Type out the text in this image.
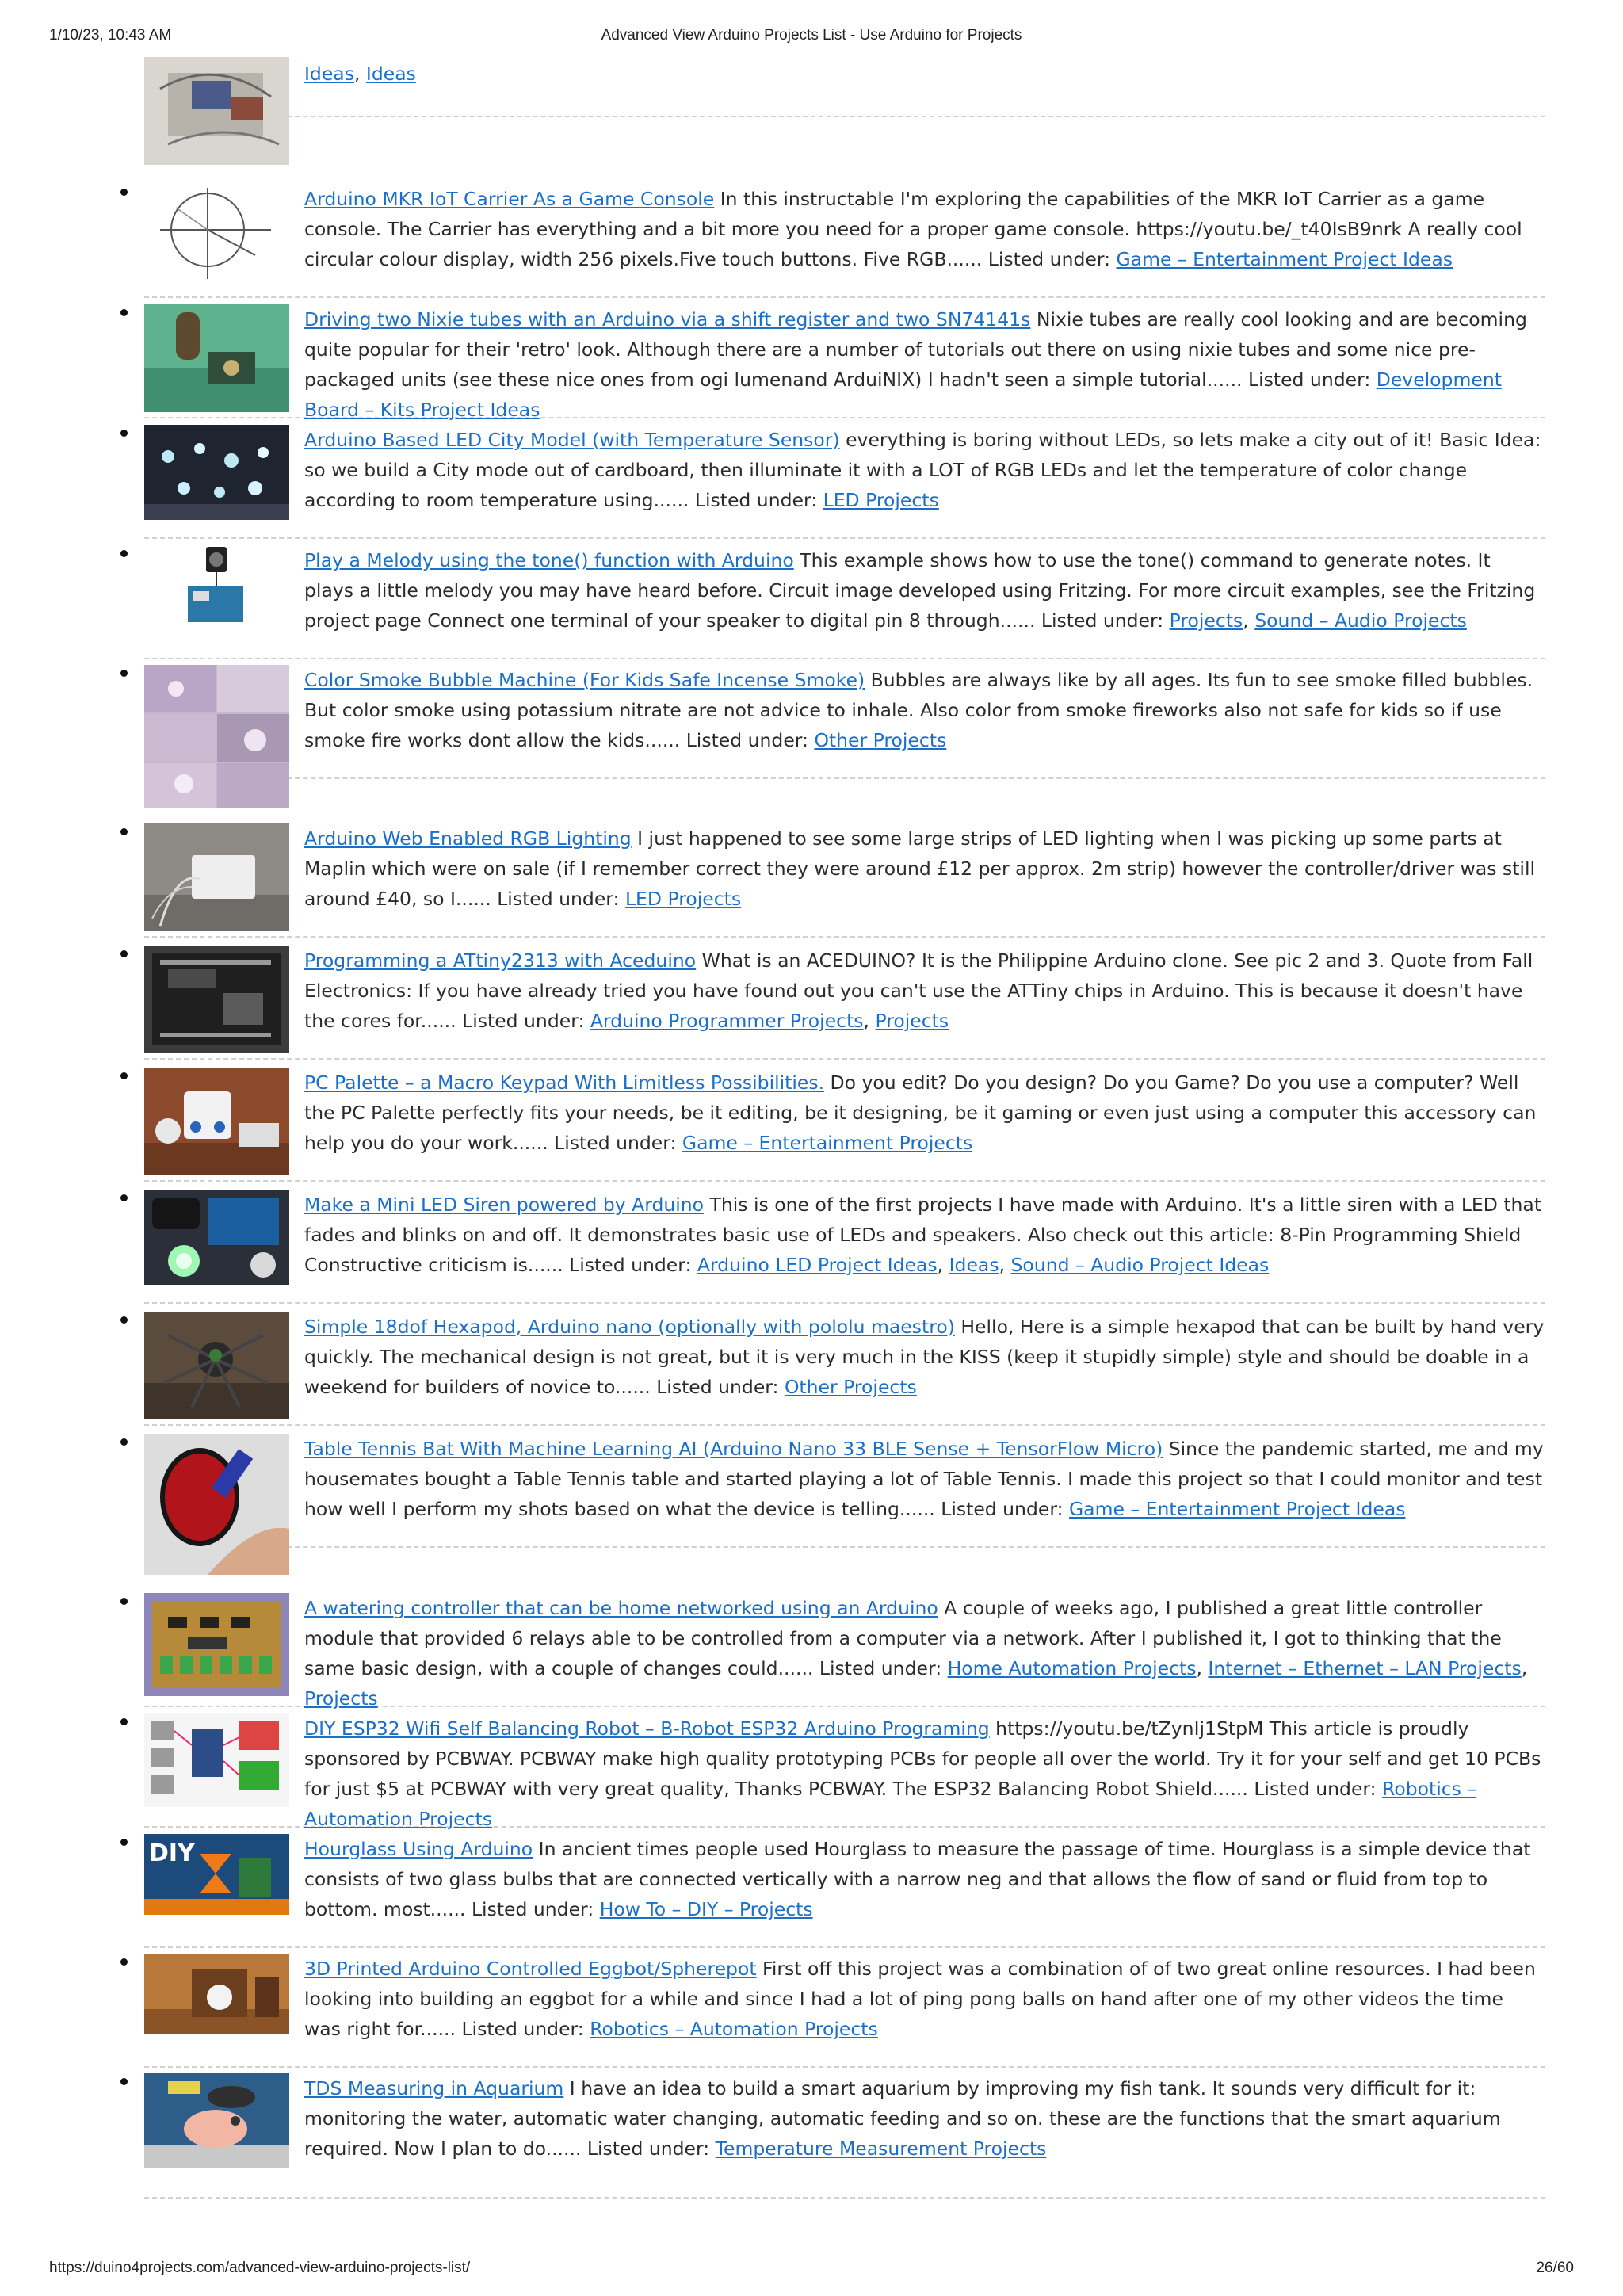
1/10/23, 10:43 AM	Advanced View Arduino Projects List - Use Arduino for Projects
Ideas, Ideas
Arduino MKR IoT Carrier As a Game Console In this instructable I'm exploring the capabilities of the MKR IoT Carrier as a game console. The Carrier has everything and a bit more you need for a proper game console. https://youtu.be/_t40IsB9nrk A really cool circular colour display, width 256 pixels.Five touch buttons. Five RGB...... Listed under: Game – Entertainment Project Ideas
Driving two Nixie tubes with an Arduino via a shift register and two SN74141s Nixie tubes are really cool looking and are becoming quite popular for their 'retro' look. Although there are a number of tutorials out there on using nixie tubes and some nice pre-packaged units (see these nice ones from ogi lumenand ArduiNIX) I hadn't seen a simple tutorial...... Listed under: Development Board – Kits Project Ideas
Arduino Based LED City Model (with Temperature Sensor) everything is boring without LEDs, so lets make a city out of it! Basic Idea: so we build a City mode out of cardboard, then illuminate it with a LOT of RGB LEDs and let the temperature of color change according to room temperature using...... Listed under: LED Projects
Play a Melody using the tone() function with Arduino This example shows how to use the tone() command to generate notes. It plays a little melody you may have heard before. Circuit image developed using Fritzing. For more circuit examples, see the Fritzing project page Connect one terminal of your speaker to digital pin 8 through...... Listed under: Projects, Sound – Audio Projects
Color Smoke Bubble Machine (For Kids Safe Incense Smoke) Bubbles are always like by all ages. Its fun to see smoke filled bubbles. But color smoke using potassium nitrate are not advice to inhale. Also color from smoke fireworks also not safe for kids so if use smoke fire works dont allow the kids...... Listed under: Other Projects
Arduino Web Enabled RGB Lighting I just happened to see some large strips of LED lighting when I was picking up some parts at Maplin which were on sale (if I remember correct they were around £12 per approx. 2m strip) however the controller/driver was still around £40, so I...... Listed under: LED Projects
Programming a ATtiny2313 with Aceduino What is an ACEDUINO? It is the Philippine Arduino clone. See pic 2 and 3. Quote from Fall Electronics: If you have already tried you have found out you can't use the ATTiny chips in Arduino. This is because it doesn't have the cores for...... Listed under: Arduino Programmer Projects, Projects
PC Palette – a Macro Keypad With Limitless Possibilities. Do you edit? Do you design? Do you Game? Do you use a computer? Well the PC Palette perfectly fits your needs, be it editing, be it designing, be it gaming or even just using a computer this accessory can help you do your work...... Listed under: Game – Entertainment Projects
Make a Mini LED Siren powered by Arduino This is one of the first projects I have made with Arduino. It's a little siren with a LED that fades and blinks on and off. It demonstrates basic use of LEDs and speakers. Also check out this article: 8-Pin Programming Shield Constructive criticism is...... Listed under: Arduino LED Project Ideas, Ideas, Sound – Audio Project Ideas
Simple 18dof Hexapod, Arduino nano (optionally with pololu maestro) Hello, Here is a simple hexapod that can be built by hand very quickly. The mechanical design is not great, but it is very much in the KISS (keep it stupidly simple) style and should be doable in a weekend for builders of novice to...... Listed under: Other Projects
Table Tennis Bat With Machine Learning AI (Arduino Nano 33 BLE Sense + TensorFlow Micro) Since the pandemic started, me and my housemates bought a Table Tennis table and started playing a lot of Table Tennis. I made this project so that I could monitor and test how well I perform my shots based on what the device is telling...... Listed under: Game – Entertainment Project Ideas
A watering controller that can be home networked using an Arduino A couple of weeks ago, I published a great little controller module that provided 6 relays able to be controlled from a computer via a network. After I published it, I got to thinking that the same basic design, with a couple of changes could...... Listed under: Home Automation Projects, Internet – Ethernet – LAN Projects, Projects
DIY ESP32 Wifi Self Balancing Robot – B-Robot ESP32 Arduino Programing https://youtu.be/tZynIj1StpM This article is proudly sponsored by PCBWAY. PCBWAY make high quality prototyping PCBs for people all over the world. Try it for your self and get 10 PCBs for just $5 at PCBWAY with very great quality, Thanks PCBWAY. The ESP32 Balancing Robot Shield...... Listed under: Robotics – Automation Projects
DIY	Hourglass Using Arduino In ancient times people used Hourglass to measure the passage of time. Hourglass is a simple device that consists of two glass bulbs that are connected vertically with a narrow neg and that allows the flow of sand or fluid from top to bottom. most...... Listed under: How To – DIY – Projects
3D Printed Arduino Controlled Eggbot/Spherepot First off this project was a combination of of two great online resources. I had been looking into building an eggbot for a while and since I had a lot of ping pong balls on hand after one of my other videos the time was right for...... Listed under: Robotics – Automation Projects
TDS Measuring in Aquarium I have an idea to build a smart aquarium by improving my fish tank. It sounds very difficult for it: monitoring the water, automatic water changing, automatic feeding and so on. these are the functions that the smart aquarium required. Now I plan to do...... Listed under: Temperature Measurement Projects
https://duino4projects.com/advanced-view-arduino-projects-list/	26/60
